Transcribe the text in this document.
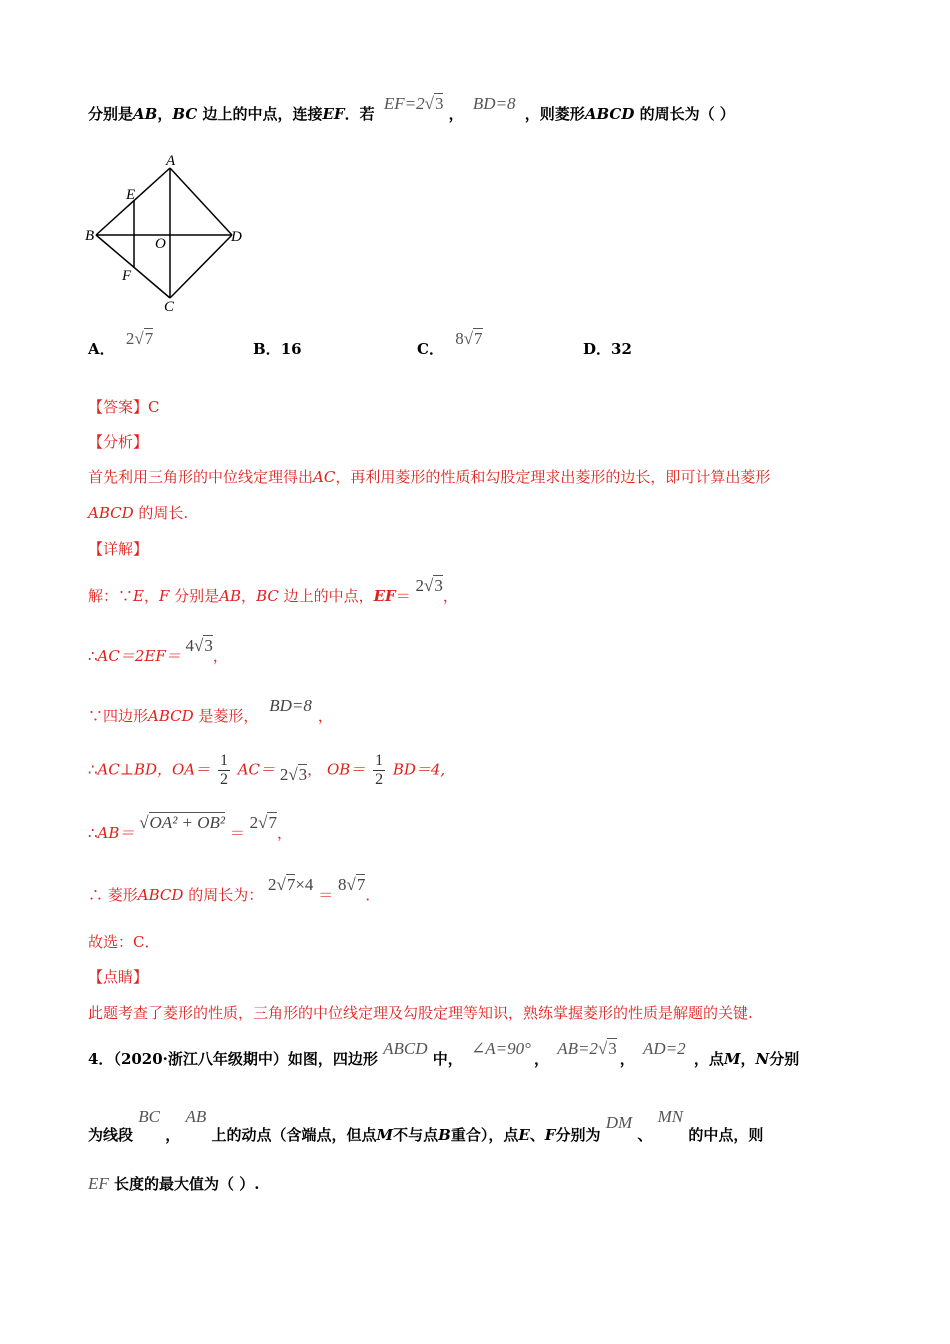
分别是AB，BC 边上的中点，连接EF．若 EF=2√3 ， BD=8 ，则菱形ABCD 的周长为（ ）
A
B
C
D
E
F
O
A． 2√7
B．16	C． 8√7
D．32
【答案】C
【分析】
首先利用三角形的中位线定理得出AC，再利用菱形的性质和勾股定理求出菱形的边长，即可计算出菱形
ABCD 的周长.
【详解】
解：∵E，F 分别是AB，BC 边上的中点，EF＝ 2√3，
∴AC＝2EF＝ 4√3，
∵四边形ABCD 是菱形， BD=8，
∴AC⊥BD，$OA= \frac{1}{2} AC= 2√3$， $OB= \frac{1}{2} BD=4$,
∴AB＝ √OA² + OB² ＝ 2√7，
∴ 菱形ABCD 的周长为： 2√7×4 ＝ 8√7．
故选：C．
【点睛】
此题考查了菱形的性质，三角形的中位线定理及勾股定理等知识，熟练掌握菱形的性质是解题的关键.
4．（2020·浙江八年级期中）如图，四边形 ABCD 中， ∠A=90°， AB=2√3， AD=2 ，点M，N分别
为线段 BC ， AB 上的动点（含端点，但点M不与点B重合），点E、F分别为 DM 、 MN 的中点，则
EF 长度的最大值为（ ）.
